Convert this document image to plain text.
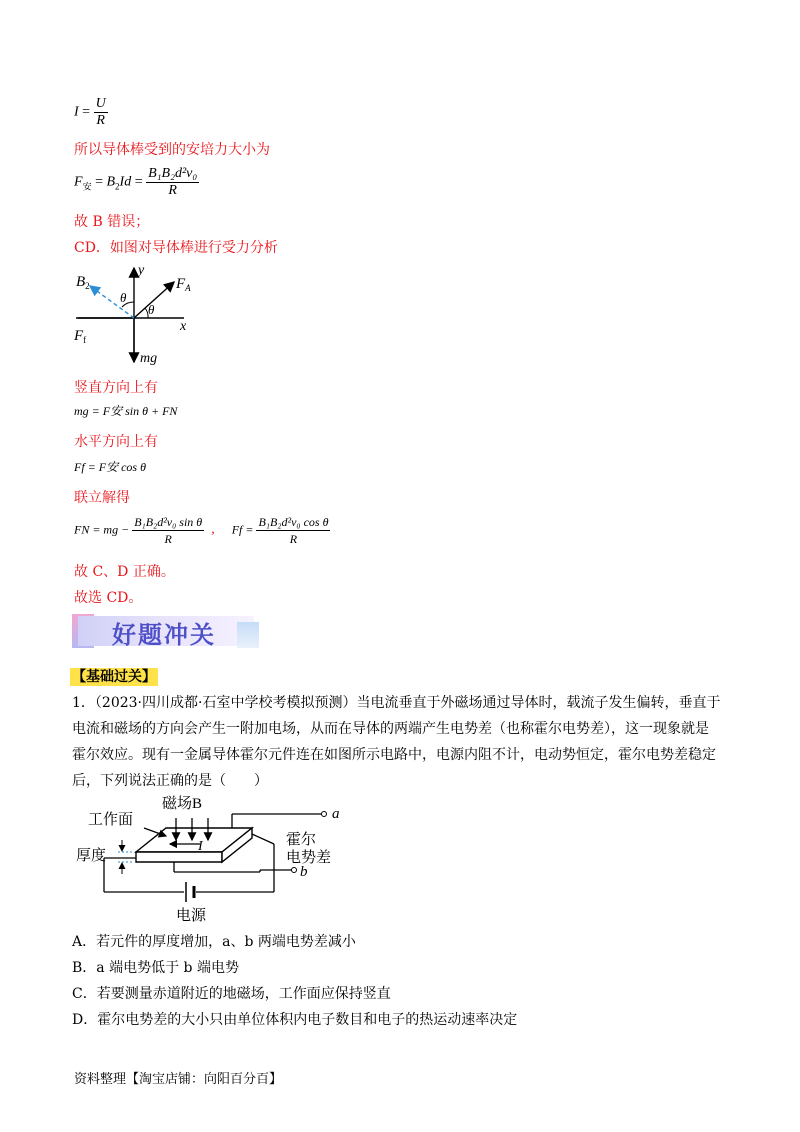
$I = \frac{U}{R}$
所以导体棒受到的安培力大小为
$F_安 = B_2Id = \frac{\text{B₁B₂d²v₀}}{R}$
故 B 错误；
CD．如图对导体棒进行受力分析
$B_2$
y
$F_A$
θ
θ
x
$F_f$
mg
竖直方向上有
mg = F安 sin θ + FN
水平方向上有
Ff = F安 cos θ
联立解得
FN = mg − $\frac{\text{B₁B₂d²v₀ sin θ}}{R}$ , $Ff = \frac{\text{B₁B₂d²v₀ cos θ}}{R}$
故 C、D 正确。
故选 CD。
好题冲关
【基础过关】
1．（2023·四川成都·石室中学校考模拟预测）当电流垂直于外磁场通过导体时，载流子发生偏转，垂直于
电流和磁场的方向会产生一附加电场，从而在导体的两端产生电势差（也称霍尔电势差），这一现象就是
霍尔效应。现有一金属导体霍尔元件连在如图所示电路中，电源内阻不计，电动势恒定，霍尔电势差稳定
后，下列说法正确的是（　　）
磁场B
工作面
厚度
I
a
b
霍尔
电势差
电源
A．若元件的厚度增加，a、b 两端电势差减小
B．a 端电势低于 b 端电势
C．若要测量赤道附近的地磁场，工作面应保持竖直
D．霍尔电势差的大小只由单位体积内电子数目和电子的热运动速率决定
资料整理【淘宝店铺：向阳百分百】
